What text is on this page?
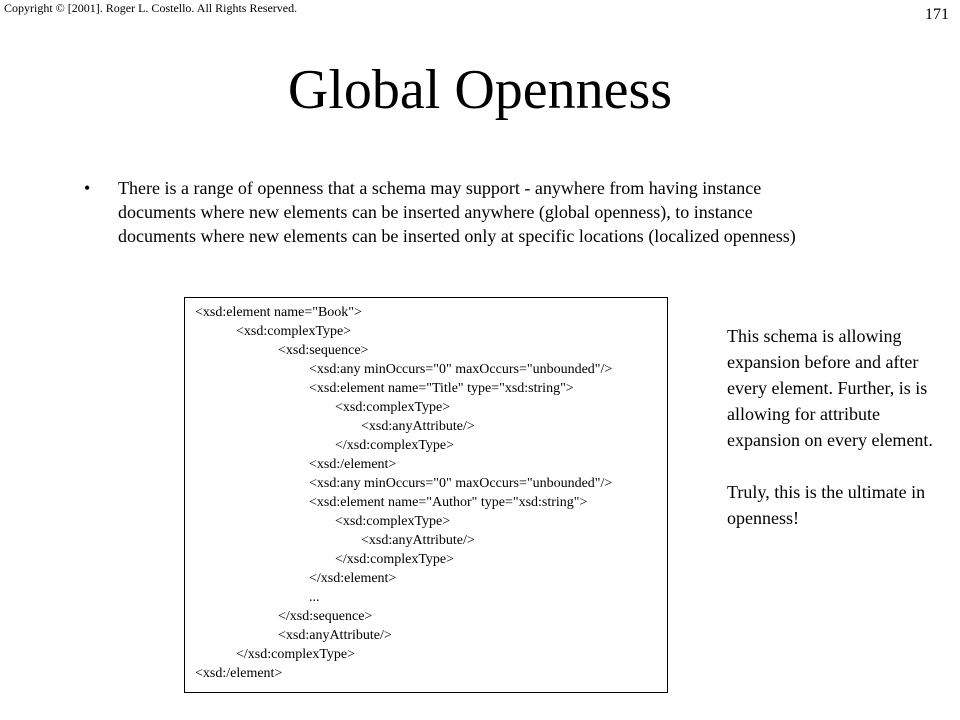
Copyright © [2001]. Roger L. Costello. All Rights Reserved.	171
Global Openness
•	There is a range of openness that a schema may support - anywhere from having instance documents where new elements can be inserted anywhere (global openness), to instance documents where new elements can be inserted only at specific locations (localized openness)
<xsd:element name="Book">
<xsd:complexType>
<xsd:sequence>
<xsd:any minOccurs="0" maxOccurs="unbounded"/>
<xsd:element name="Title" type="xsd:string">
<xsd:complexType>
<xsd:anyAttribute/>
</xsd:complexType>
<xsd:/element>
<xsd:any minOccurs="0" maxOccurs="unbounded"/>
<xsd:element name="Author" type="xsd:string">
<xsd:complexType>
<xsd:anyAttribute/>
</xsd:complexType>
</xsd:element>
...
</xsd:sequence>
<xsd:anyAttribute/>
</xsd:complexType>
<xsd:/element>

This schema is allowing expansion before and after every element. Further, is is allowing for attribute expansion on every element.

Truly, this is the ultimate in openness!
